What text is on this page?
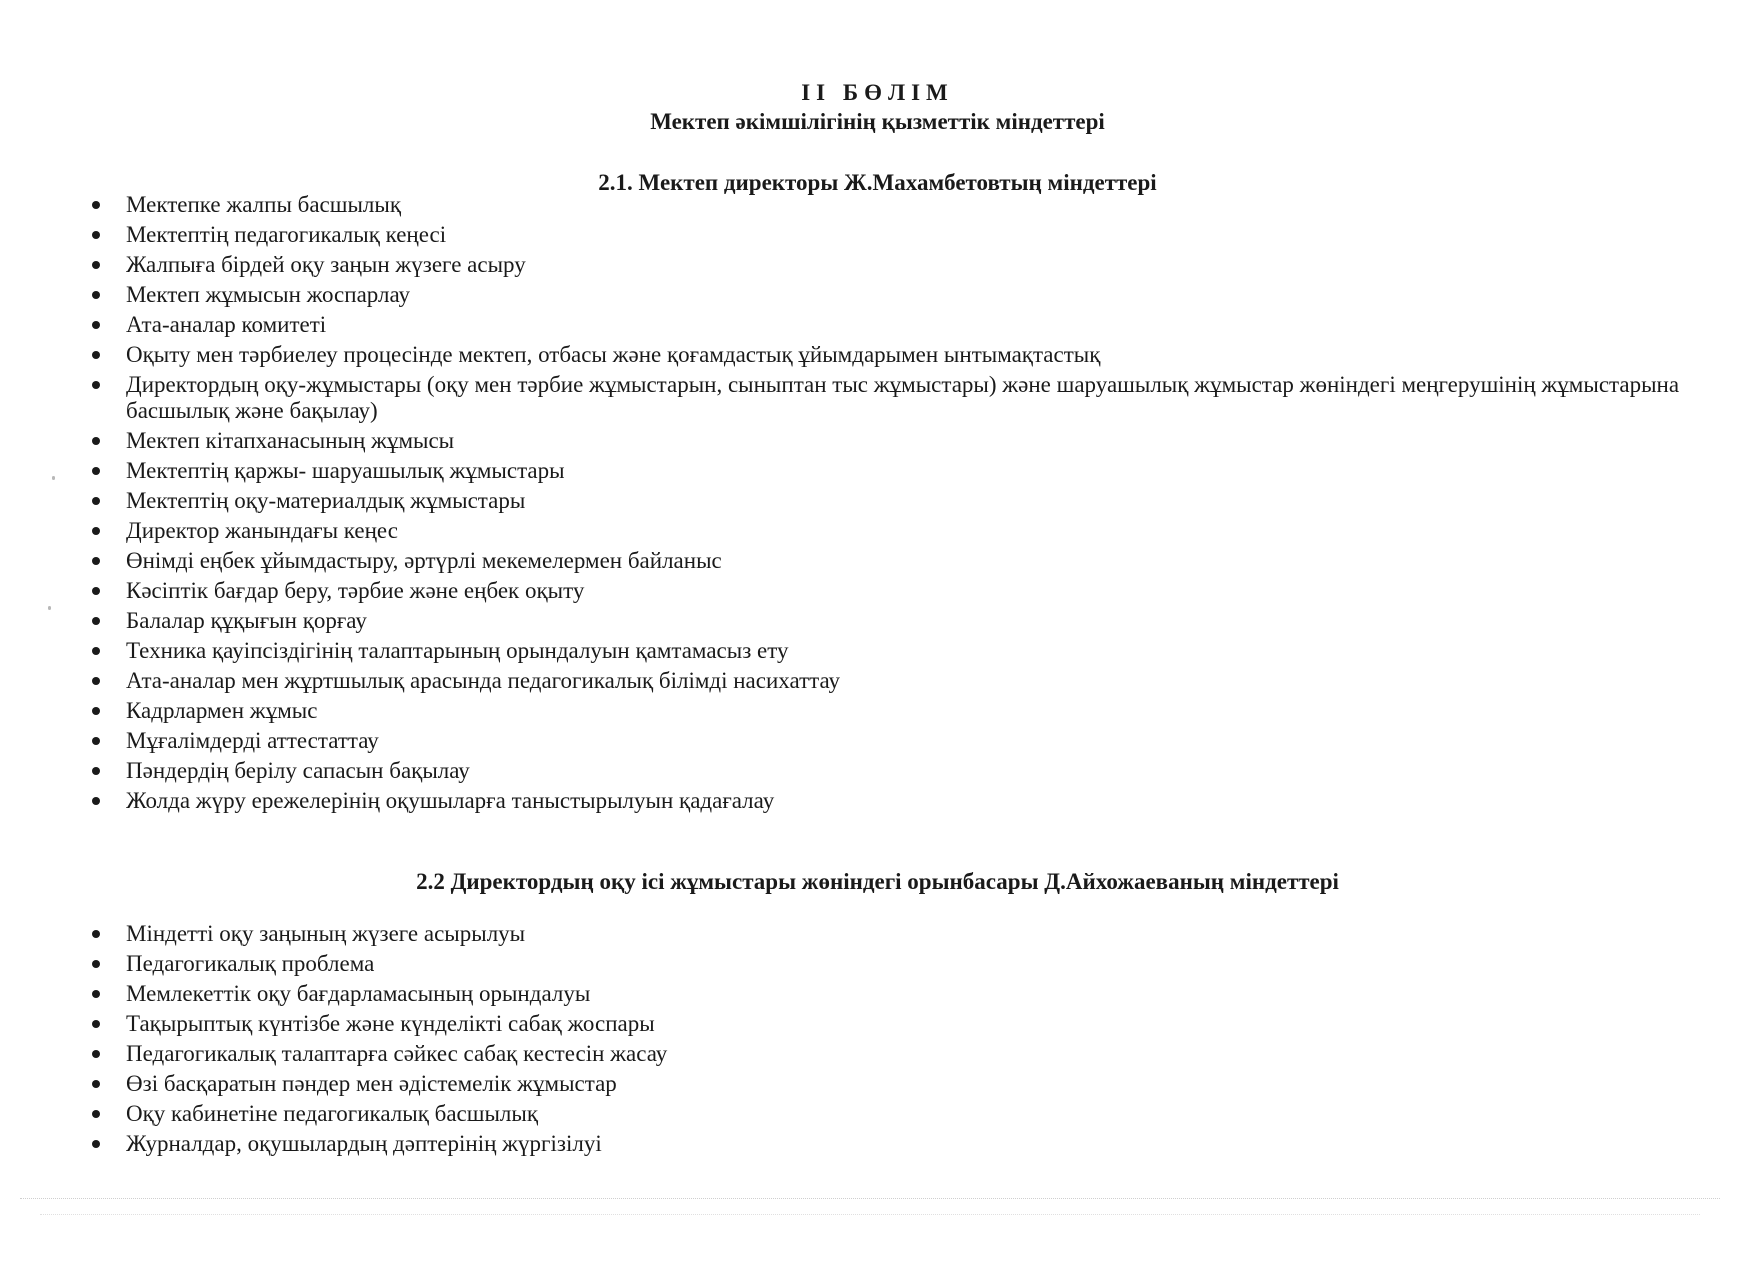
II БӨЛІМ
Мектеп әкімшілігінің қызметтік міндеттері
2.1. Мектеп директоры Ж.Махамбетовтың міндеттері
Мектепке жалпы басшылық
Мектептің педагогикалық кеңесі
Жалпыға бірдей оқу заңын жүзеге асыру
Мектеп жұмысын жоспарлау
Ата-аналар комитеті
Оқыту мен тәрбиелеу процесінде мектеп, отбасы және қоғамдастық ұйымдарымен ынтымақтастық
Директордың оқу-жұмыстары (оқу мен тәрбие жұмыстарын, сыныптан тыс жұмыстары) және шаруашылық жұмыстар жөніндегі меңгерушінің жұмыстарына басшылық және бақылау)
Мектеп кітапханасының жұмысы
Мектептің қаржы- шаруашылық жұмыстары
Мектептің оқу-материалдық жұмыстары
Директор жанындағы кеңес
Өнімді еңбек ұйымдастыру, әртүрлі мекемелермен байланыс
Кәсіптік бағдар беру, тәрбие және еңбек оқыту
Балалар құқығын қорғау
Техника қауіпсіздігінің талаптарының орындалуын қамтамасыз ету
Ата-аналар мен жұртшылық арасында педагогикалық білімді насихаттау
Кадрлармен жұмыс
Мұғалімдерді аттестаттау
Пәндердің берілу сапасын бақылау
Жолда жүру ережелерінің оқушыларға таныстырылуын қадағалау
2.2 Директордың оқу ісі жұмыстары жөніндегі орынбасары Д.Айхожаеваның міндеттері
Міндетті оқу заңының жүзеге асырылуы
Педагогикалық проблема
Мемлекеттік оқу бағдарламасының орындалуы
Тақырыптық күнтізбе және күнделікті сабақ жоспары
Педагогикалық талаптарға сәйкес сабақ кестесін жасау
Өзі басқаратын пәндер мен әдістемелік жұмыстар
Оқу кабинетіне педагогикалық басшылық
Журналдар, оқушылардың дәптерінің жүргізілуі
